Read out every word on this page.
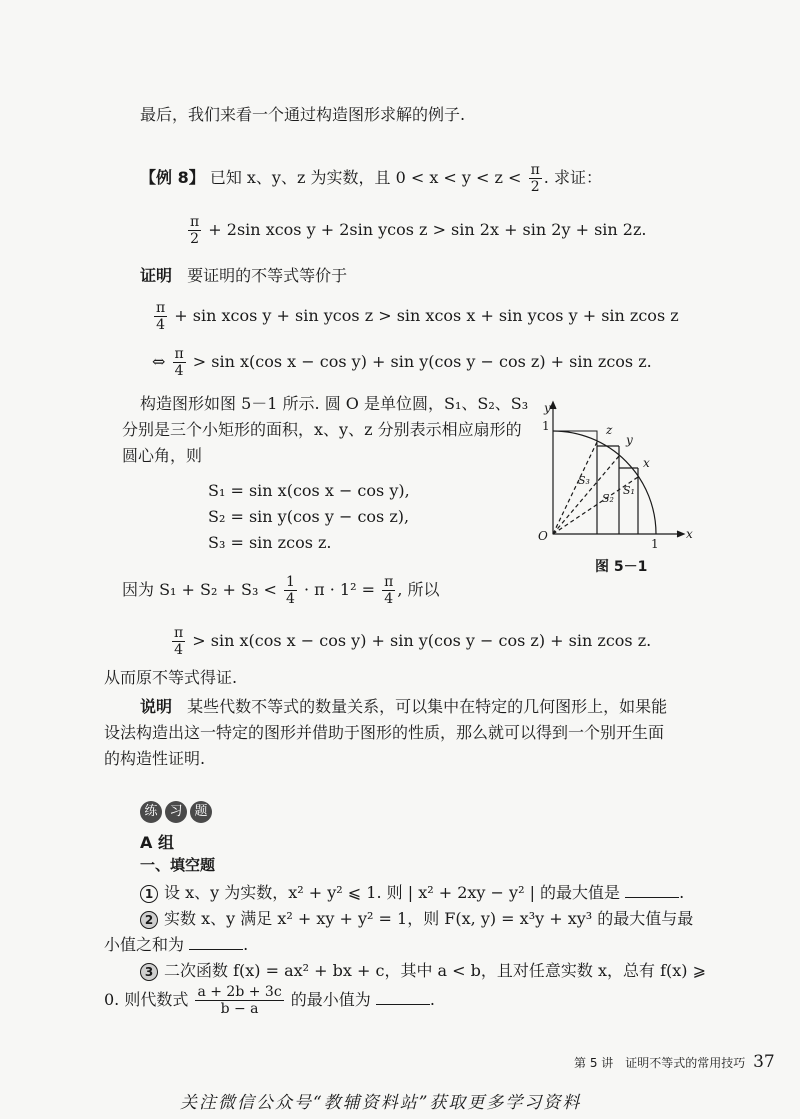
最后，我们来看一个通过构造图形求解的例子.
【例 8】 已知 x、y、z 为实数，且 $0 < x < y < z < \frac{\pi}{2}$ . 求证：
$\frac{\pi}{2} + 2\sin$ xcos y + 2sin ycos z > sin 2x + sin 2y + sin 2z.
证明 要证明的不等式等价于
$\frac{\pi}{4} + \sin xcos$ y + sin ycos z > sin xcos x + sin ycos y + sin zcos z
⇔ $\frac{\pi}{4} > \sin x(\cos$ x − cos y) + sin y(cos y − cos z) + sin zcos z.
构造图形如图 5－1 所示. 圆 O 是单位圆，S₁、S₂、S₃
分别是三个小矩形的面积，x、y、z 分别表示相应扇形的
圆心角，则
S₁ = sin x(cos x − cos y),
S₂ = sin y(cos y − cos z),
S₃ = sin zcos z.
y
x
O
1
1
z
y
x
S₃
S₂
S₁
图 5－1
因为 $S_1 + S_2 + S_3 < \frac{1}{4} \cdot \pi \cdot 1^2 = \frac{\pi}{4}$ , 所以
$\frac{\pi}{4} > \sin x(\cos$ x − cos y) + sin y(cos y − cos z) + sin zcos z.
从而原不等式得证.
说明 某些代数不等式的数量关系，可以集中在特定的几何图形上，如果能
设法构造出这一特定的图形并借助于图形的性质，那么就可以得到一个别开生面
的构造性证明.
练 习 题
A 组
一、填空题
1 设 x、y 为实数，x² + y² ⩽ 1. 则 | x² + 2xy − y² | 的最大值是	.
2 实数 x、y 满足 x² + xy + y² = 1，则 F(x, y) = x³y + xy³ 的最大值与最
小值之和为	.
3 二次函数 f(x) = ax² + bx + c，其中 a < b，且对任意实数 x，总有 f(x) ⩾
0. 则代数式 $\frac{a + 2b + 3c}{b - a}$ 的最小值为	.
第 5 讲　证明不等式的常用技巧 37
关注微信公众号“教辅资料站”获取更多学习资料
